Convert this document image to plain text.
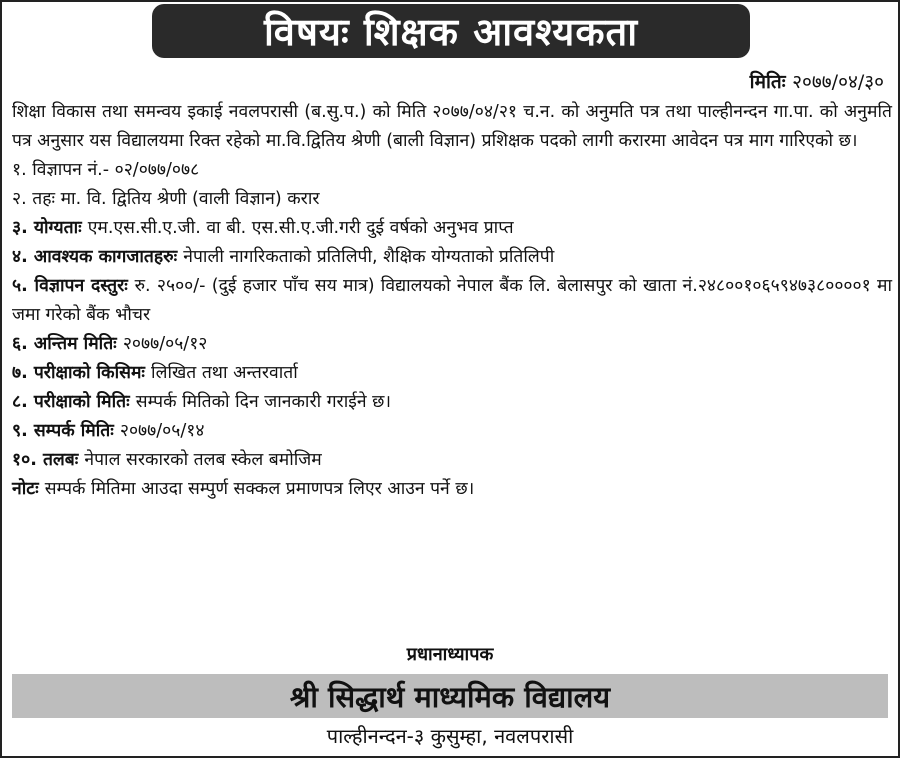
विषयः शिक्षक आवश्यकता
मितिः २०७७/०४/३०

शिक्षा विकास तथा समन्वय इकाई नवलपरासी (ब.सु.प.) को मिति २०७७/०४/२१ च.न. को अनुमति पत्र तथा पाल्हीनन्दन गा.पा. को अनुमति पत्र अनुसार यस विद्यालयमा रिक्त रहेको मा.वि.द्वितिय श्रेणी (बाली विज्ञान) प्रशिक्षक पदको लागी करारमा आवेदन पत्र माग गारिएको छ।

१. विज्ञापन नं.- ०२/०७७/०७८

२. तहः मा. वि. द्वितिय श्रेणी (वाली विज्ञान) करार

३. योग्यताः एम.एस.सी.ए.जी. वा बी. एस.सी.ए.जी.गरी दुई वर्षको अनुभव प्राप्त

४. आवश्यक कागजातहरुः नेपाली नागरिकताको प्रतिलिपी, शैक्षिक योग्यताको प्रतिलिपी

५. विज्ञापन दस्तुरः रु. २५००/- (दुई हजार पाँच सय मात्र) विद्यालयको नेपाल बैंक लि. बेलासपुर को खाता नं.२४८००१०६५९४७३८००००१ मा जमा गरेको बैंक भौचर

६. अन्तिम मितिः २०७७/०५/१२

७. परीक्षाको किसिमः लिखित तथा अन्तरवार्ता

८. परीक्षाको मितिः सम्पर्क मितिको दिन जानकारी गराईने छ।

९. सम्पर्क मितिः २०७७/०५/१४

१०. तलबः नेपाल सरकारको तलब स्केल बमोजिम

नोटः सम्पर्क मितिमा आउदा सम्पुर्ण सक्कल प्रमाणपत्र लिएर आउन पर्ने छ।

प्रधानाध्यापक
श्री सिद्धार्थ माध्यमिक विद्यालय
पाल्हीनन्दन-३ कुसुम्हा, नवलपरासी
